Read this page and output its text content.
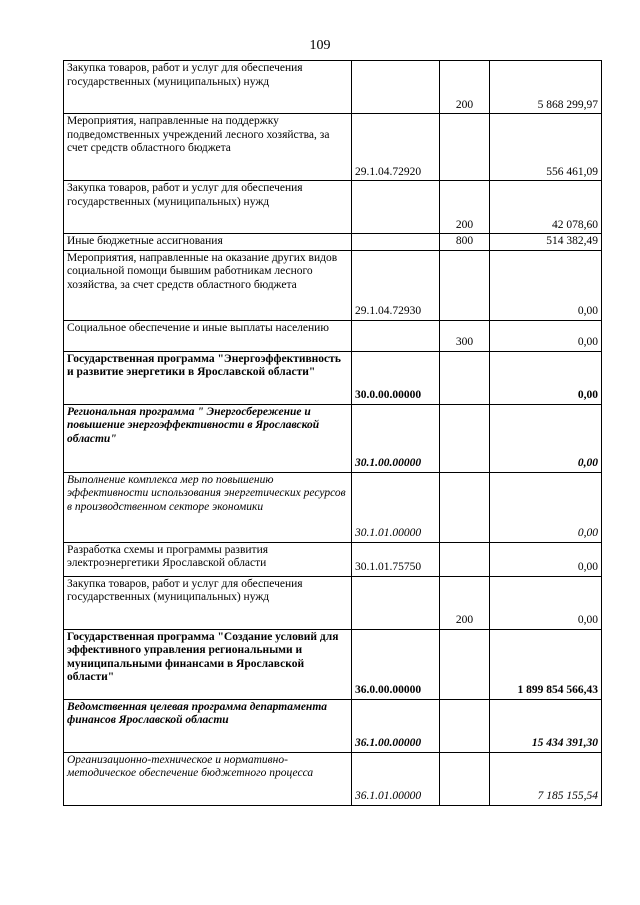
109
Закупка товаров, работ и услуг для обеспечения государственных (муниципальных) нужд		200	5 868 299,97
Мероприятия, направленные на поддержку подведомственных учреждений лесного хозяйства, за счет средств областного бюджета	29.1.04.72920		556 461,09
Закупка товаров, работ и услуг для обеспечения государственных (муниципальных) нужд		200	42 078,60
Иные бюджетные ассигнования		800	514 382,49
Мероприятия, направленные на оказание других видов социальной помощи бывшим работникам лесного хозяйства, за счет средств областного бюджета	29.1.04.72930		0,00
Социальное обеспечение и иные выплаты населению		300	0,00
Государственная программа "Энергоэффективность и развитие энергетики в Ярославской области"	30.0.00.00000		0,00
Региональная программа " Энергосбережение и повышение энергоэффективности в Ярославской области"	30.1.00.00000		0,00
Выполнение комплекса мер по повышению эффективности использования энергетических ресурсов в производственном секторе экономики	30.1.01.00000		0,00
Разработка схемы и программы развития электроэнергетики Ярославской области	30.1.01.75750		0,00
Закупка товаров, работ и услуг для обеспечения государственных (муниципальных) нужд		200	0,00
Государственная программа "Создание условий для эффективного управления региональными и муниципальными финансами в Ярославской области"	36.0.00.00000		1 899 854 566,43
Ведомственная целевая программа департамента финансов Ярославской области	36.1.00.00000		15 434 391,30
Организационно-техническое и нормативно-методическое обеспечение бюджетного процесса	36.1.01.00000		7 185 155,54
